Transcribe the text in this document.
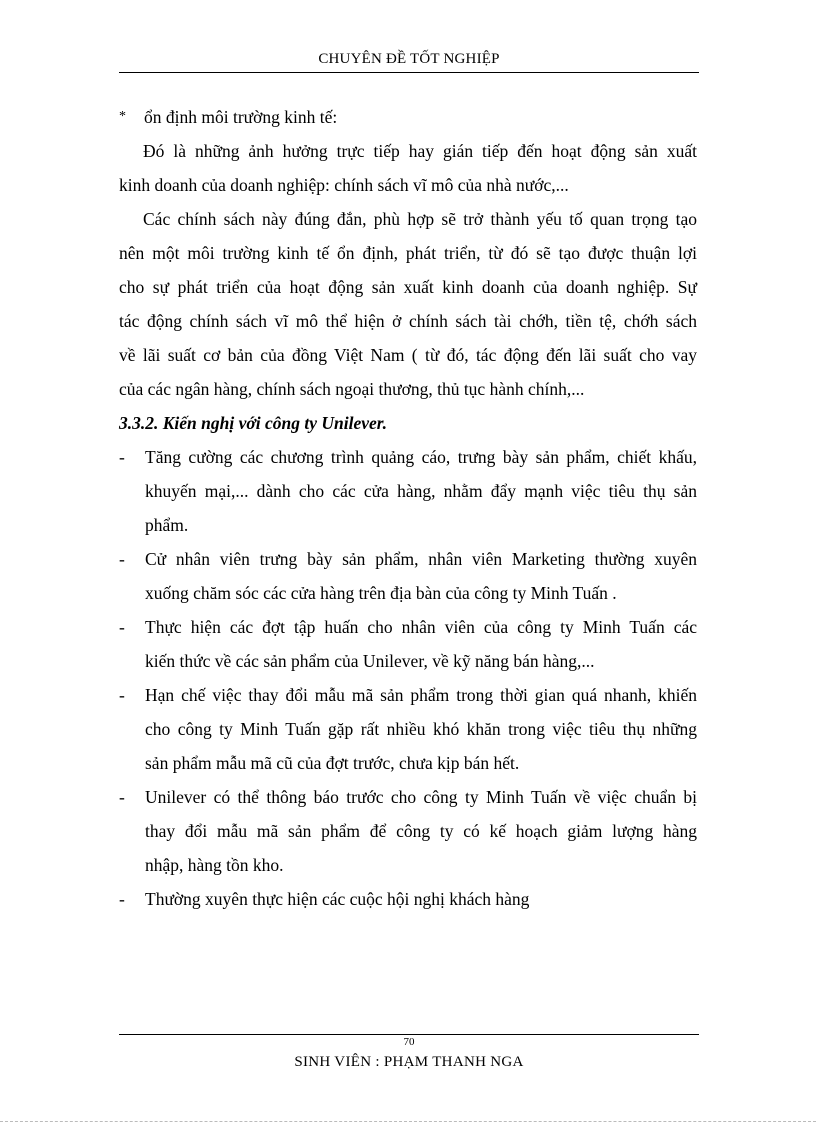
CHUYÊN ĐỀ TỐT NGHIỆP
* ổn định môi trường kinh tế:
Đó là những ảnh hưởng trực tiếp hay gián tiếp đến hoạt động sản xuất
kinh doanh của doanh nghiệp: chính sách vĩ mô của nhà nước,...
Các chính sách này đúng đắn, phù hợp sẽ trở thành yếu tố quan trọng tạo
nên một môi trường kinh tế ổn định, phát triển, từ đó sẽ tạo được thuận lợi
cho sự phát triển của hoạt động sản xuất kinh doanh của doanh nghiệp. Sự
tác động chính sách vĩ mô thể hiện ở chính sách tài chớh, tiền tệ, chớh sách
về lãi suất cơ bản của đồng Việt Nam ( từ đó, tác động đến lãi suất cho vay
của các ngân hàng, chính sách ngoại thương, thủ tục hành chính,...
3.3.2. Kiến nghị với công ty Unilever.
-	Tăng cường các chương trình quảng cáo, trưng bày sản phẩm, chiết khấu,
khuyến mại,... dành cho các cửa hàng, nhằm đẩy mạnh việc tiêu thụ sản
phẩm.
-	Cử nhân viên trưng bày sản phẩm, nhân viên Marketing thường xuyên
xuống chăm sóc các cửa hàng trên địa bàn của công ty Minh Tuấn .
-	Thực hiện các đợt tập huấn cho nhân viên của công ty Minh Tuấn các
kiến thức về các sản phẩm của Unilever, về kỹ năng bán hàng,...
-	Hạn chế việc thay đổi mẫu mã sản phẩm trong thời gian quá nhanh, khiến
cho công ty Minh Tuấn gặp rất nhiều khó khăn trong việc tiêu thụ những
sản phẩm mẫu mã cũ của đợt trước, chưa kịp bán hết.
-	Unilever có thể thông báo trước cho công ty Minh Tuấn về việc chuẩn bị
thay đổi mẫu mã sản phẩm để công ty có kế hoạch giảm lượng hàng
nhập, hàng tồn kho.
-	Thường xuyên thực hiện các cuộc hội nghị khách hàng
70
SINH VIÊN : PHẠM THANH NGA
